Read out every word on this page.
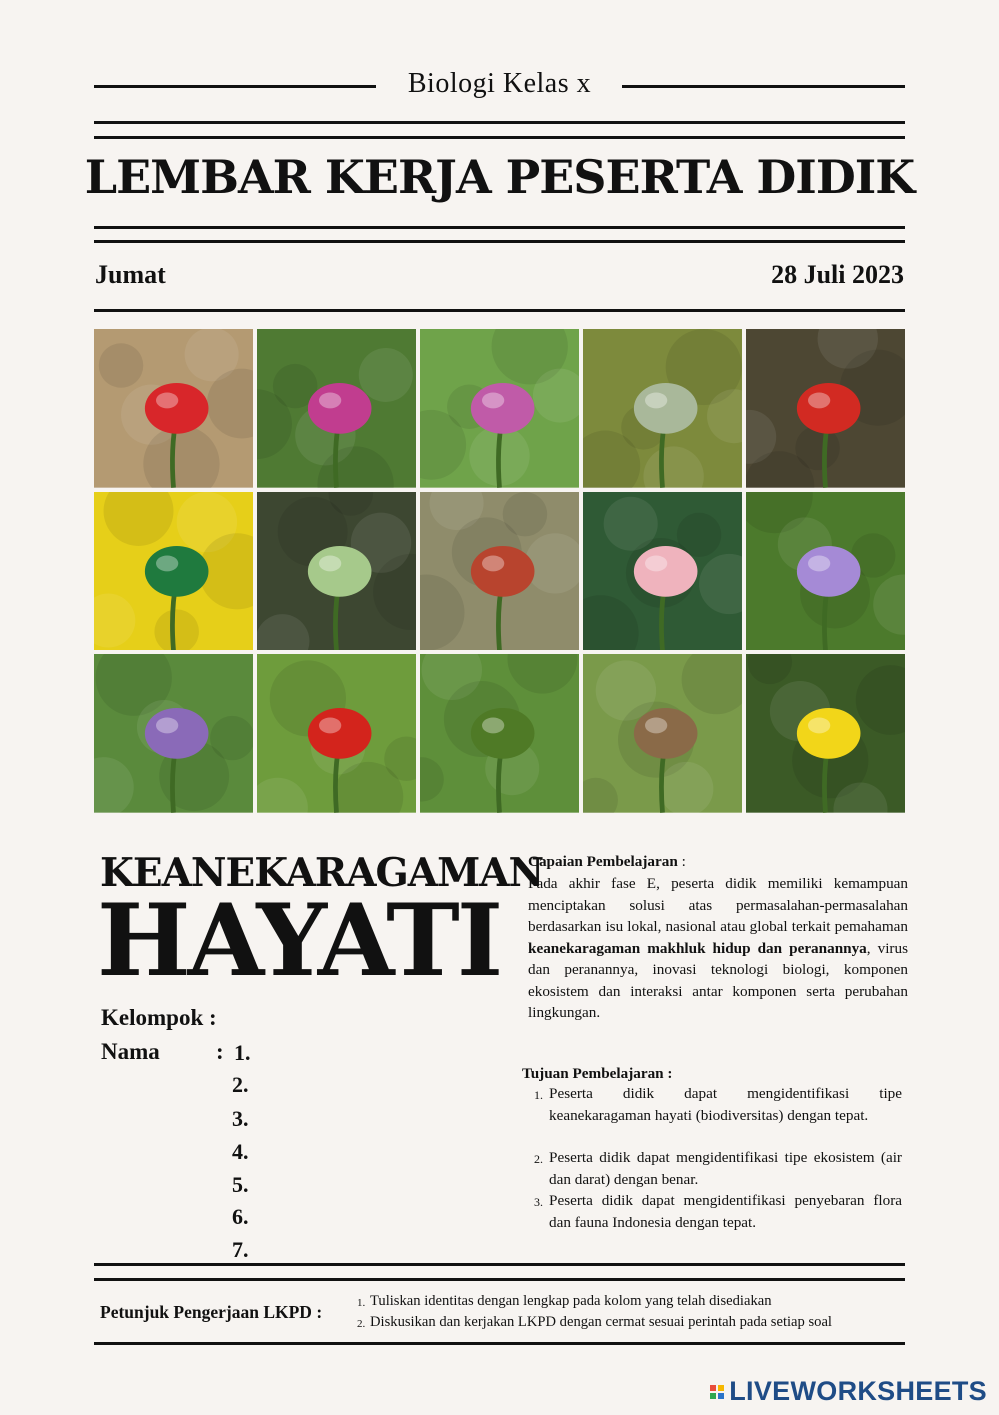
Biologi Kelas x
LEMBAR KERJA PESERTA DIDIK
Jumat	28 Juli 2023
KEANEKARAGAMAN
HAYATI
Kelompok :
Nama : 1.
2.
3.
4.
5.
6.
7.
Capaian Pembelajaran :
Pada akhir fase E, peserta didik memiliki kemampuan menciptakan solusi atas permasalahan-permasalahan berdasarkan isu lokal, nasional atau global terkait pemahaman keanekaragaman makhluk hidup dan peranannya, virus dan peranannya, inovasi teknologi biologi, komponen ekosistem dan interaksi antar komponen serta perubahan lingkungan.
Tujuan Pembelajaran :
1. Peserta didik dapat mengidentifikasi tipe keanekaragaman hayati (biodiversitas) dengan tepat.
2. Peserta didik dapat mengidentifikasi tipe ekosistem (air dan darat) dengan benar.
3. Peserta didik dapat mengidentifikasi penyebaran flora dan fauna Indonesia dengan tepat.
Petunjuk Pengerjaan LKPD :	1. Tuliskan identitas dengan lengkap pada kolom yang telah disediakan
2. Diskusikan dan kerjakan LKPD dengan cermat sesuai perintah pada setiap soal
LIVEWORKSHEETS
